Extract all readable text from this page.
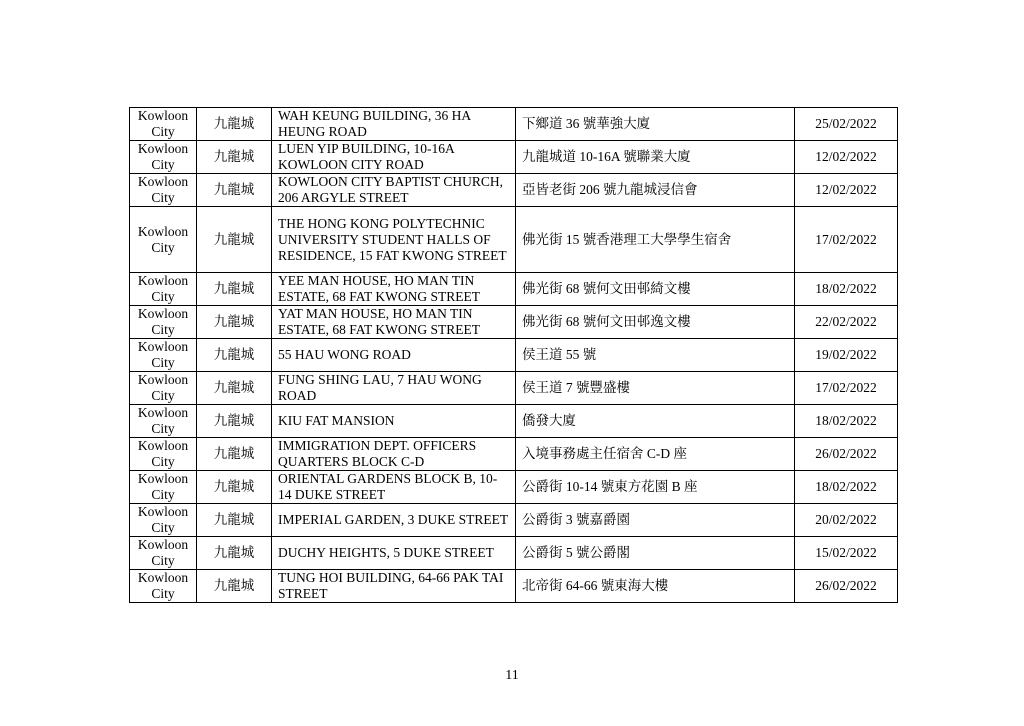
Kowloon City	九龍城	WAH KEUNG BUILDING, 36 HA HEUNG ROAD	下鄉道 36 號華強大廈	25/02/2022
Kowloon City	九龍城	LUEN YIP BUILDING, 10-16A KOWLOON CITY ROAD	九龍城道 10-16A 號聯業大廈	12/02/2022
Kowloon City	九龍城	KOWLOON CITY BAPTIST CHURCH, 206 ARGYLE STREET	亞皆老街 206 號九龍城浸信會	12/02/2022
Kowloon City	九龍城	THE HONG KONG POLYTECHNIC UNIVERSITY STUDENT HALLS OF RESIDENCE, 15 FAT KWONG STREET	佛光街 15 號香港理工大學學生宿舍	17/02/2022
Kowloon City	九龍城	YEE MAN HOUSE, HO MAN TIN ESTATE, 68 FAT KWONG STREET	佛光街 68 號何文田邨綺文樓	18/02/2022
Kowloon City	九龍城	YAT MAN HOUSE, HO MAN TIN ESTATE, 68 FAT KWONG STREET	佛光街 68 號何文田邨逸文樓	22/02/2022
Kowloon City	九龍城	55 HAU WONG ROAD	侯王道 55 號	19/02/2022
Kowloon City	九龍城	FUNG SHING LAU, 7 HAU WONG ROAD	侯王道 7 號豐盛樓	17/02/2022
Kowloon City	九龍城	KIU FAT MANSION	僑發大廈	18/02/2022
Kowloon City	九龍城	IMMIGRATION DEPT. OFFICERS QUARTERS BLOCK C-D	入境事務處主任宿舍 C-D 座	26/02/2022
Kowloon City	九龍城	ORIENTAL GARDENS BLOCK B, 10-14 DUKE STREET	公爵街 10-14 號東方花園 B 座	18/02/2022
Kowloon City	九龍城	IMPERIAL GARDEN, 3 DUKE STREET	公爵街 3 號嘉爵園	20/02/2022
Kowloon City	九龍城	DUCHY HEIGHTS, 5 DUKE STREET	公爵街 5 號公爵閣	15/02/2022
Kowloon City	九龍城	TUNG HOI BUILDING, 64-66 PAK TAI STREET	北帝街 64-66 號東海大樓	26/02/2022
11
